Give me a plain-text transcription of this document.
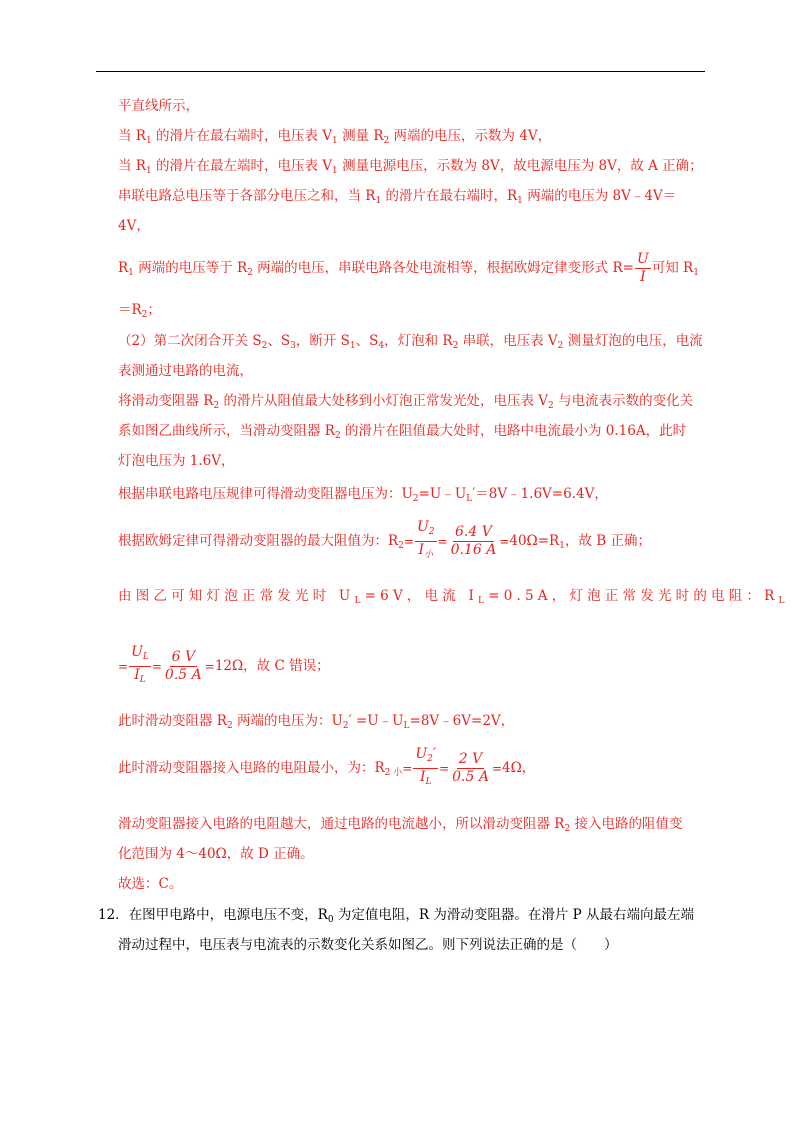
平直线所示，
当 $R_1$ 的滑片在最右端时，电压表 $V_1$ 测量 $R_2$ 两端的电压，示数为 4V，
当 $R_1$ 的滑片在最左端时，电压表 $V_1$ 测量电源电压，示数为 8V，故电源电压为 8V，故 A 正确；
串联电路总电压等于各部分电压之和，当 $R_1$ 的滑片在最右端时，$R_1$ 两端的电压为 8V﹣4V＝
4V，
$R_1$ 两端的电压等于 $R_2$ 两端的电压，串联电路各处电流相等，根据欧姆定律变形式 $R= \frac{U}{I}$ 可知 $R_1$
$=R_2$；
（2）第二次闭合开关 $S_2$、$S_3$，断开 $S_1$、$S_4$，灯泡和 $R_2$ 串联，电压表 $V_2$ 测量灯泡的电压，电流
表测通过电路的电流，
将滑动变阻器 $R_2$ 的滑片从阻值最大处移到小灯泡正常发光处，电压表 $V_2$ 与电流表示数的变化关
系如图乙曲线所示，当滑动变阻器 $R_2$ 的滑片在阻值最大处时，电路中电流最小为 0.16A，此时
灯泡电压为 1.6V，
根据串联电路电压规律可得滑动变阻器电压为：$U_2=U﹣U_L'=8V﹣1.6V=6.4V$，
根据欧姆定律可得滑动变阻器的最大阻值为：$R_2= \frac{U_2}{I_小} = \frac{6.4 V}{0.16 A} =40\Omega=R_1$，故 B 正确；
由图乙可知灯泡正常发光时 $U_L=6V$，电流 $I_L=0.5A$，灯泡正常发光时的电阻：$R_L$
= $\frac{U_L}{I_L} = \frac{6 V}{0.5 A} =12\Omega$，故 C 错误；
此时滑动变阻器 $R_2$ 两端的电压为：$U_2'$ $=U﹣U_L=8V﹣6V=2V$，
此时滑动变阻器接入电路的电阻最小，为：$R_{2 小}= \frac{U_2'}{I_L} = \frac{2 V}{0.5 A} =4\Omega$，
滑动变阻器接入电路的电阻越大，通过电路的电流越小，所以滑动变阻器 $R_2$ 接入电路的阻值变
化范围为 4～40Ω，故 D 正确。
故选：C。
12．在图甲电路中，电源电压不变，$R_0$ 为定值电阻，R 为滑动变阻器。在滑片 P 从最右端向最左端
滑动过程中，电压表与电流表的示数变化关系如图乙。则下列说法正确的是（　　）
